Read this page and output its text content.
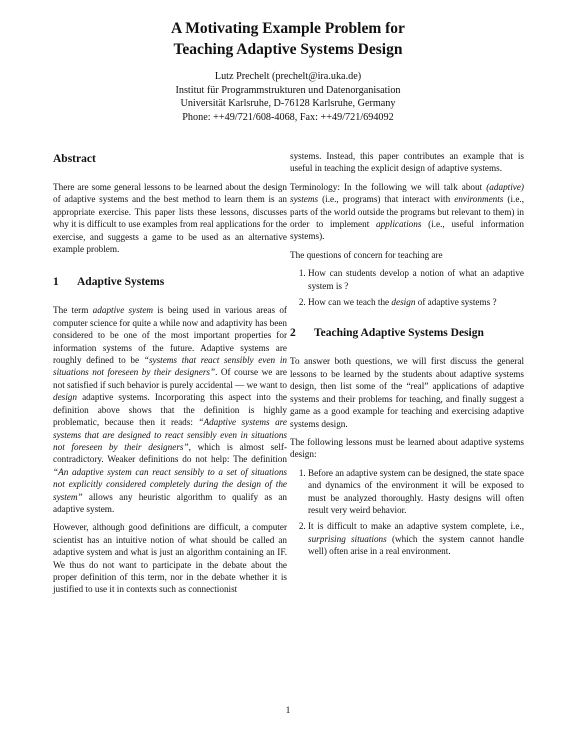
A Motivating Example Problem for
Teaching Adaptive Systems Design
Lutz Prechelt (prechelt@ira.uka.de)
Institut für Programmstrukturen und Datenorganisation
Universität Karlsruhe, D-76128 Karlsruhe, Germany
Phone: ++49/721/608-4068, Fax: ++49/721/694092
Abstract

There are some general lessons to be learned about the design of adaptive systems and the best method to learn them is an appropriate exercise. This paper lists these lessons, discusses why it is difficult to use examples from real applications for the exercise, and suggests a game to be used as an alternative example problem.

1 Adaptive Systems

The term adaptive system is being used in various areas of computer science for quite a while now and adaptivity has been considered to be one of the most important properties for information systems of the future. Adaptive systems are roughly defined to be “systems that react sensibly even in situations not foreseen by their designers”. Of course we are not satisfied if such behavior is purely accidental — we want to design adaptive systems. Incorporating this aspect into the definition above shows that the definition is highly problematic, because then it reads: “Adaptive systems are systems that are designed to react sensibly even in situations not foreseen by their designers”, which is almost self-contradictory. Weaker definitions do not help: The definition “An adaptive system can react sensibly to a set of situations not explicitly considered completely during the design of the system” allows any heuristic algorithm to qualify as an adaptive system.

However, although good definitions are difficult, a computer scientist has an intuitive notion of what should be called an adaptive system and what is just an algorithm containing an IF. We thus do not want to participate in the debate about the proper definition of this term, nor in the debate whether it is justified to use it in contexts such as connectionist

systems. Instead, this paper contributes an example that is useful in teaching the explicit design of adaptive systems.

Terminology: In the following we will talk about (adaptive) systems (i.e., programs) that interact with environments (i.e., parts of the world outside the programs but relevant to them) in order to implement applications (i.e., useful information systems).

The questions of concern for teaching are

1. How can students develop a notion of what an adaptive system is ?
2. How can we teach the design of adaptive systems ?
2 Teaching Adaptive Systems Design

To answer both questions, we will first discuss the general lessons to be learned by the students about adaptive systems design, then list some of the “real” applications of adaptive systems and their problems for teaching, and finally suggest a game as a good example for teaching and exercising adaptive systems design.

The following lessons must be learned about adaptive systems design:

1. Before an adaptive system can be designed, the state space and dynamics of the environment it will be exposed to must be analyzed thoroughly. Hasty designs will often result very weird behavior.
2. It is difficult to make an adaptive system complete, i.e., surprising situations (which the system cannot handle well) often arise in a real environment.
1
